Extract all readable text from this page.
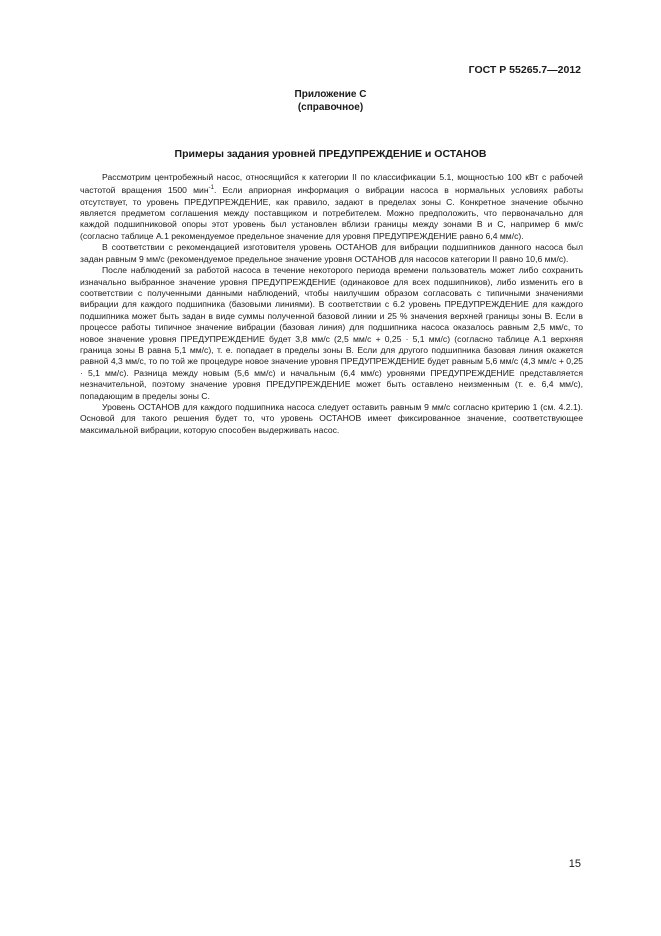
ГОСТ Р 55265.7—2012
Приложение С
(справочное)
Примеры задания уровней ПРЕДУПРЕЖДЕНИЕ и ОСТАНОВ

Рассмотрим центробежный насос, относящийся к категории II по классификации 5.1, мощностью 100 кВт с рабочей частотой вращения 1500 мин$^{-1}$. Если априорная информация о вибрации насоса в нормальных условиях работы отсутствует, то уровень ПРЕДУПРЕЖДЕНИЕ, как правило, задают в пределах зоны С. Конкретное значение обычно является предметом соглашения между поставщиком и потребителем. Можно предположить, что первоначально для каждой подшипниковой опоры этот уровень был установлен вблизи границы между зонами В и С, например 6 мм/с (согласно таблице А.1 рекомендуемое предельное значение для уровня ПРЕДУПРЕЖДЕНИЕ равно 6,4 мм/с).

В соответствии с рекомендацией изготовителя уровень ОСТАНОВ для вибрации подшипников данного насоса был задан равным 9 мм/с (рекомендуемое предельное значение уровня ОСТАНОВ для насосов категории II равно 10,6 мм/с).

После наблюдений за работой насоса в течение некоторого периода времени пользователь может либо сохранить изначально выбранное значение уровня ПРЕДУПРЕЖДЕНИЕ (одинаковое для всех подшипников), либо изменить его в соответствии с полученными данными наблюдений, чтобы наилучшим образом согласовать с типичными значениями вибрации для каждого подшипника (базовыми линиями). В соответствии с 6.2 уровень ПРЕДУПРЕЖДЕНИЕ для каждого подшипника может быть задан в виде суммы полученной базовой линии и 25 % значения верхней границы зоны В. Если в процессе работы типичное значение вибрации (базовая линия) для подшипника насоса оказалось равным 2,5 мм/с, то новое значение уровня ПРЕДУПРЕЖДЕНИЕ будет 3,8 мм/с (2,5 мм/с + 0,25 · 5,1 мм/с) (согласно таблице А.1 верхняя граница зоны В равна 5,1 мм/с), т. е. попадает в пределы зоны В. Если для другого подшипника базовая линия окажется равной 4,3 мм/с, то по той же процедуре новое значение уровня ПРЕДУПРЕЖДЕНИЕ будет равным 5,6 мм/с (4,3 мм/с + 0,25 · 5,1 мм/с). Разница между новым (5,6 мм/с) и начальным (6,4 мм/с) уровнями ПРЕДУПРЕЖДЕНИЕ представляется незначительной, поэтому значение уровня ПРЕДУПРЕЖДЕНИЕ может быть оставлено неизменным (т. е. 6,4 мм/с), попадающим в пределы зоны С.

Уровень ОСТАНОВ для каждого подшипника насоса следует оставить равным 9 мм/с согласно критерию 1 (см. 4.2.1). Основой для такого решения будет то, что уровень ОСТАНОВ имеет фиксированное значение, соответствующее максимальной вибрации, которую способен выдерживать насос.

15
